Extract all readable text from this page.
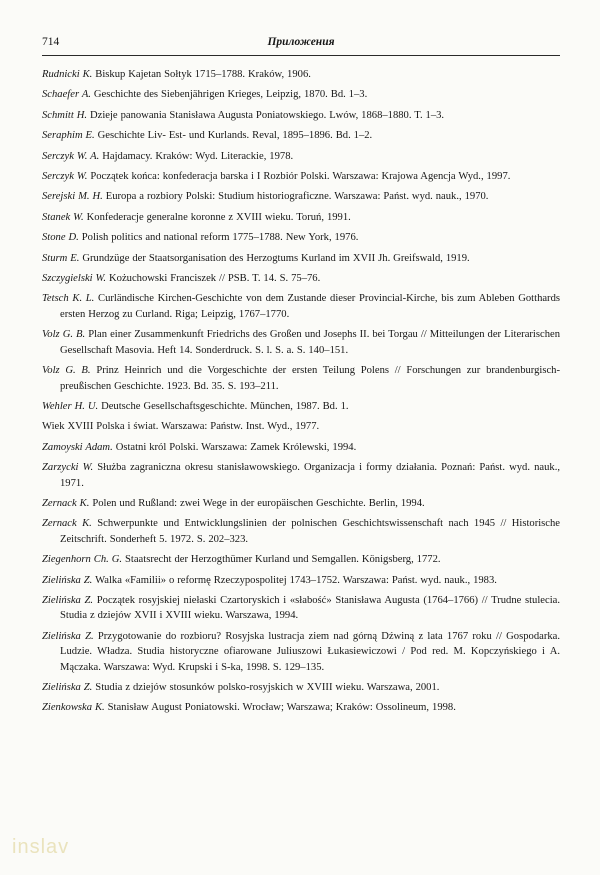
714	Приложения

Rudnicki K. Biskup Kajetan Sołtyk 1715–1788. Kraków, 1906.

Schaefer A. Geschichte des Siebenjährigen Krieges, Leipzig, 1870. Bd. 1–3.

Schmitt H. Dzieje panowania Stanisława Augusta Poniatowskiego. Lwów, 1868–1880. T. 1–3.

Seraphim E. Geschichte Liv- Est- und Kurlands. Reval, 1895–1896. Bd. 1–2.

Serczyk W. A. Hajdamacy. Kraków: Wyd. Literackie, 1978.

Serczyk W. Początek końca: konfederacja barska i I Rozbiór Polski. Warszawa: Krajowa Agencja Wyd., 1997.

Serejski M. H. Europa a rozbiory Polski: Studium historiograficzne. Warszawa: Państ. wyd. nauk., 1970.

Stanek W. Konfederacje generalne koronne z XVIII wieku. Toruń, 1991.

Stone D. Polish politics and national reform 1775–1788. New York, 1976.

Sturm E. Grundzüge der Staatsorganisation des Herzogtums Kurland im XVII Jh. Greifswald, 1919.

Szczygielski W. Kożuchowski Franciszek // PSB. T. 14. S. 75–76.

Tetsch K. L. Curländische Kirchen-Geschichte von dem Zustande dieser Provincial-Kirche, bis zum Ableben Gotthards ersten Herzog zu Curland. Riga; Leipzig, 1767–1770.

Volz G. B. Plan einer Zusammenkunft Friedrichs des Großen und Josephs II. bei Torgau // Mitteilungen der Literarischen Gesellschaft Masovia. Heft 14. Sonderdruck. S. l. S. a. S. 140–151.

Volz G. B. Prinz Heinrich und die Vorgeschichte der ersten Teilung Polens // Forschungen zur brandenburgisch-preußischen Geschichte. 1923. Bd. 35. S. 193–211.

Wehler H. U. Deutsche Gesellschaftsgeschichte. München, 1987. Bd. 1.

Wiek XVIII Polska i świat. Warszawa: Państw. Inst. Wyd., 1977.

Zamoyski Adam. Ostatni król Polski. Warszawa: Zamek Królewski, 1994.

Zarzycki W. Służba zagraniczna okresu stanisławowskiego. Organizacja i formy działania. Poznań: Państ. wyd. nauk., 1971.

Zernack K. Polen und Rußland: zwei Wege in der europäischen Geschichte. Berlin, 1994.

Zernack K. Schwerpunkte und Entwicklungslinien der polnischen Geschichtswissenschaft nach 1945 // Historische Zeitschrift. Sonderheft 5. 1972. S. 202–323.

Ziegenhorn Ch. G. Staatsrecht der Herzogthümer Kurland und Semgallen. Königsberg, 1772.

Zielińska Z. Walka «Familii» o reformę Rzeczypospolitej 1743–1752. Warszawa: Państ. wyd. nauk., 1983.

Zielińska Z. Początek rosyjskiej niełaski Czartoryskich i «słabość» Stanisława Augusta (1764–1766) // Trudne stulecia. Studia z dziejów XVII i XVIII wieku. Warszawa, 1994.

Zielińska Z. Przygotowanie do rozbioru? Rosyjska lustracja ziem nad górną Dźwiną z lata 1767 roku // Gospodarka. Ludzie. Władza. Studia historyczne ofiarowane Juliuszowi Łukasiewiczowi / Pod red. M. Kopczyńskiego i A. Mączaka. Warszawa: Wyd. Krupski i S-ka, 1998. S. 129–135.

Zielińska Z. Studia z dziejów stosunków polsko-rosyjskich w XVIII wieku. Warszawa, 2001.

Zienkowska K. Stanisław August Poniatowski. Wrocław; Warszawa; Kraków: Ossolineum, 1998.

inslav
